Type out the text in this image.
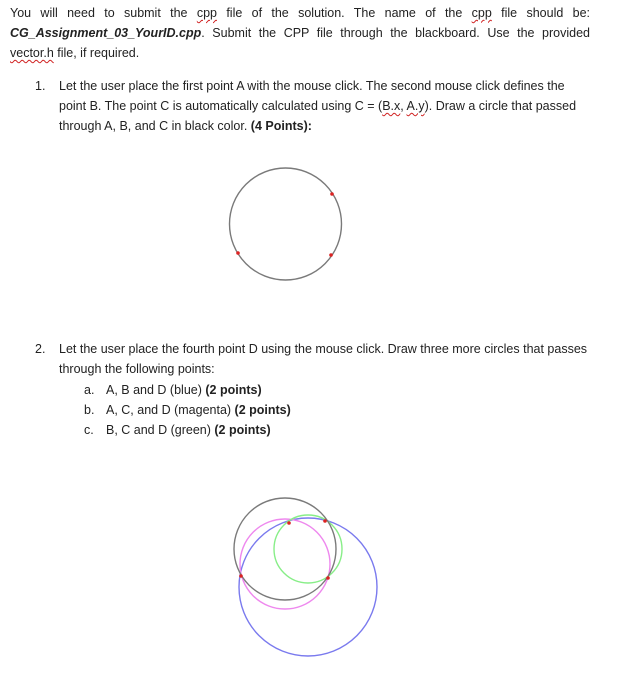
You will need to submit the cpp file of the solution. The name of the cpp file should be: CG_Assignment_03_YourID.cpp. Submit the CPP file through the blackboard. Use the provided vector.h file, if required.
1. Let the user place the first point A with the mouse click. The second mouse click defines the point B. The point C is automatically calculated using C = (B.x, A.y). Draw a circle that passed through A, B, and C in black color. (4 Points):
2. Let the user place the fourth point D using the mouse click. Draw three more circles that passes through the following points:
a. A, B and D (blue) (2 points)
b. A, C, and D (magenta) (2 points)
c. B, C and D (green) (2 points)
